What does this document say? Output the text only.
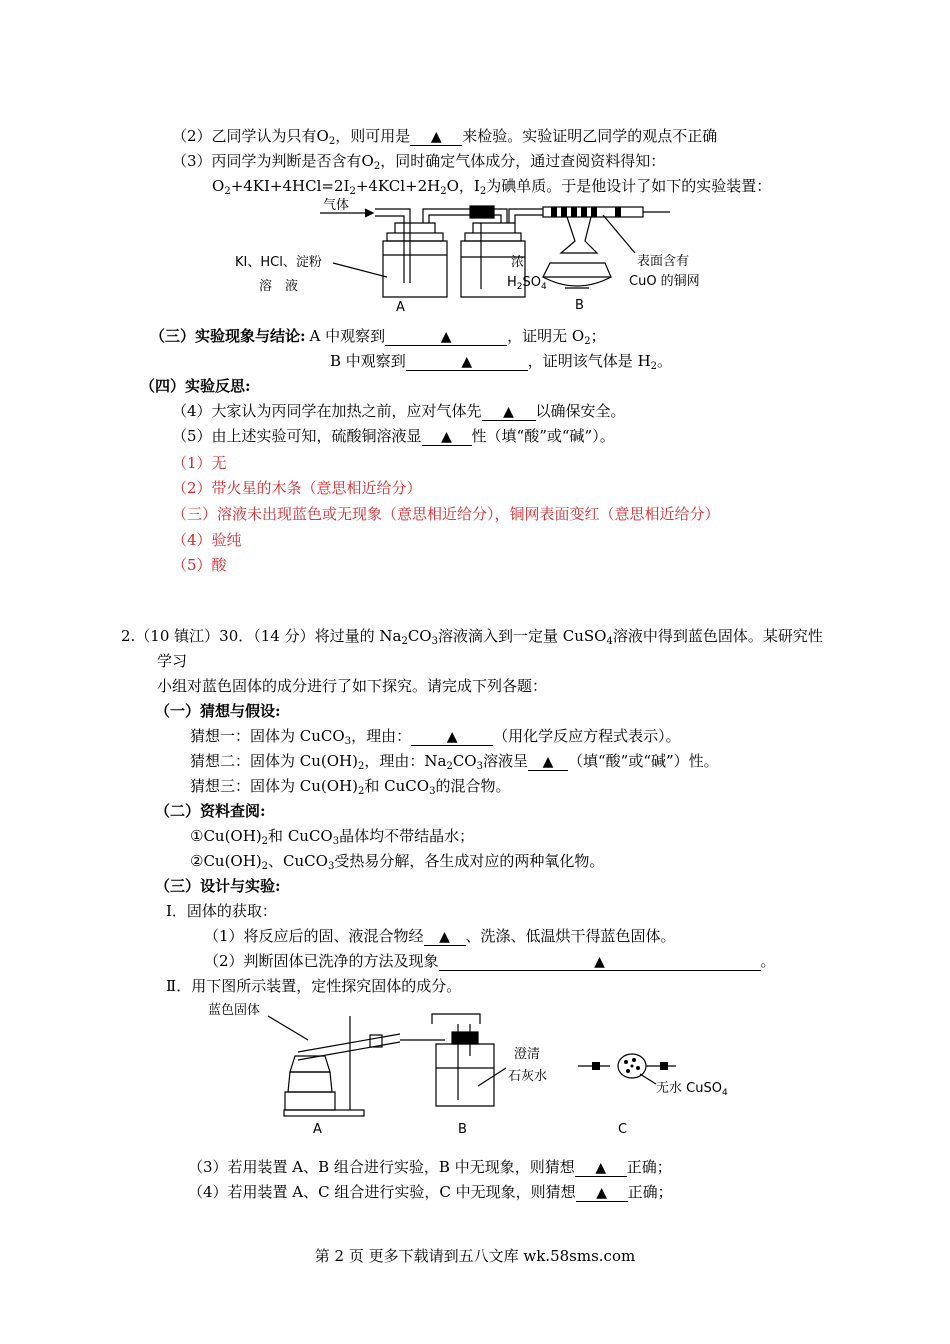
（2）乙同学认为只有$O_2$，则可用是 ▲ 来检验。实验证明乙同学的观点不正确
（3）丙同学为判断是否含有$O_2$，同时确定气体成分，通过查阅资料得知：
$O_2+4KI+4HCl=2I_2+4KCl+2H_2O$，$I_2$为碘单质。于是他设计了如下的实验装置：
气体
KI、HCl、淀粉
溶　液
浓
$H_2SO_4$
表面含有
CuO 的铜网
A	B
（三）实验现象与结论: A 中观察到	▲	，证明无 $O_2$；
B 中观察到	▲	，证明该气体是 $H_2$。
（四）实验反思:
（4）大家认为丙同学在加热之前，应对气体先 ▲ 以确保安全。
（5）由上述实验可知，硫酸铜溶液显 ▲ 性（填“酸”或“碱”）。
（1）无
（2）带火星的木条（意思相近给分）
（三）溶液未出现蓝色或无现象（意思相近给分），铜网表面变红（意思相近给分）
（4）验纯
（5）酸
2.（10 镇江）30．（14 分）将过量的 $Na_2CO_3$溶液滴入到一定量 CuSO$_4$溶液中得到蓝色固体。某研究性
学习
小组对蓝色固体的成分进行了如下探究。请完成下列各题：
（一）猜想与假设:
猜想一：固体为 CuCO$_3$，理由：	▲ （用化学反应方程式表示）。
猜想二：固体为 $Cu(OH)_2$，理由：$Na_2CO_3$溶液呈 ▲ （填“酸”或“碱”）性。
猜想三：固体为 $Cu(OH)_2$和 CuCO$_3$的混合物。
（二）资料查阅:
$①Cu(OH)_2$和 CuCO$_3$晶体均不带结晶水；
$②Cu(OH)_2$、CuCO$_3$受热易分解，各生成对应的两种氧化物。
（三）设计与实验:
Ⅰ．固体的获取：
（1）将反应后的固、液混合物经 ▲ 、洗涤、低温烘干得蓝色固体。
（2）判断固体已洗净的方法及现象	▲	。
Ⅱ．用下图所示装置，定性探究固体的成分。
蓝色固体
澄清
石灰水
无水 CuSO$_4$
A	B	C
（3）若用装置 A、B 组合进行实验，B 中无现象，则猜想 ▲ 正确；
（4）若用装置 A、C 组合进行实验，C 中无现象，则猜想 ▲ 正确；
第 2 页 更多下载请到五八文库 wk.58sms.com
